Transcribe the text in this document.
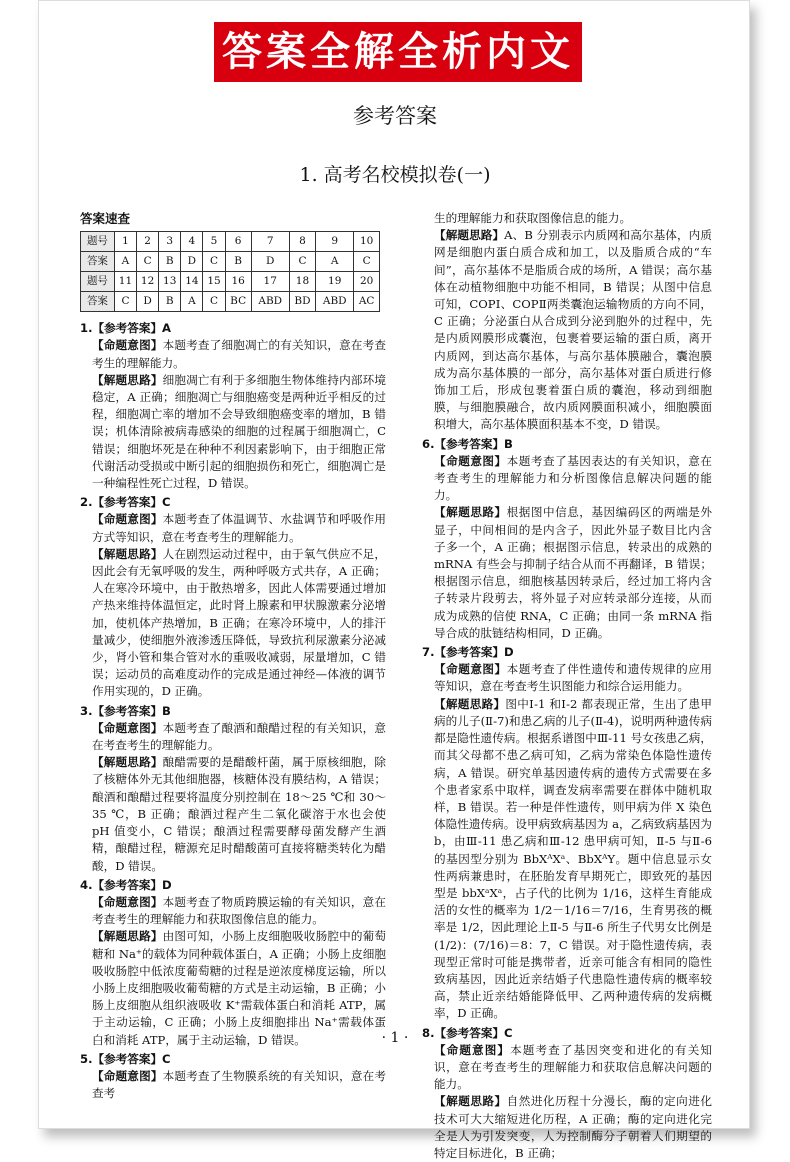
答案全解全析内文
参考答案
1. 高考名校模拟卷(一)
答案速查
题号	1	2	3	4	5	6	7	8	9	10
答案	A	C	B	D	C	B	D	C	A	C
题号	11	12	13	14	15	16	17	18	19	20
答案	C	D	B	A	C	BC	ABD	BD	ABD	AC
1.【参考答案】A

【命题意图】本题考查了细胞凋亡的有关知识，意在考查考生的理解能力。

【解题思路】细胞凋亡有利于多细胞生物体维持内部环境稳定，A 正确；细胞凋亡与细胞癌变是两种近乎相反的过程，细胞凋亡率的增加不会导致细胞癌变率的增加，B 错误；机体清除被病毒感染的细胞的过程属于细胞凋亡，C 错误；细胞坏死是在种种不利因素影响下，由于细胞正常代谢活动受损或中断引起的细胞损伤和死亡，细胞凋亡是一种编程性死亡过程，D 错误。

2.【参考答案】C

【命题意图】本题考查了体温调节、水盐调节和呼吸作用方式等知识，意在考查考生的理解能力。

【解题思路】人在剧烈运动过程中，由于氧气供应不足，因此会有无氧呼吸的发生，两种呼吸方式共存，A 正确；人在寒冷环境中，由于散热增多，因此人体需要通过增加产热来维持体温恒定，此时肾上腺素和甲状腺激素分泌增加，使机体产热增加，B 正确；在寒冷环境中，人的排汗量减少，使细胞外液渗透压降低，导致抗利尿激素分泌减少，肾小管和集合管对水的重吸收减弱，尿量增加，C 错误；运动员的高难度动作的完成是通过神经—体液的调节作用实现的，D 正确。

3.【参考答案】B

【命题意图】本题考查了酿酒和酿醋过程的有关知识，意在考查考生的理解能力。

【解题思路】酿醋需要的是醋酸杆菌，属于原核细胞，除了核糖体外无其他细胞器，核糖体没有膜结构，A 错误；酿酒和酿醋过程要将温度分别控制在 18～25 ℃和 30～35 ℃，B 正确；酿酒过程产生二氧化碳溶于水也会使 pH 值变小，C 错误；酿酒过程需要酵母菌发酵产生酒精，酿醋过程，糖源充足时醋酸菌可直接将糖类转化为醋酸，D 错误。

4.【参考答案】D

【命题意图】本题考查了物质跨膜运输的有关知识，意在考查考生的理解能力和获取图像信息的能力。

【解题思路】由图可知，小肠上皮细胞吸收肠腔中的葡萄糖和 Na⁺的载体为同种载体蛋白，A 正确；小肠上皮细胞吸收肠腔中低浓度葡萄糖的过程是逆浓度梯度运输，所以小肠上皮细胞吸收葡萄糖的方式是主动运输，B 正确；小肠上皮细胞从组织液吸收 K⁺需载体蛋白和消耗 ATP，属于主动运输，C 正确；小肠上皮细胞排出 Na⁺需载体蛋白和消耗 ATP，属于主动运输，D 错误。

5.【参考答案】C

【命题意图】本题考查了生物膜系统的有关知识，意在考查考

生的理解能力和获取图像信息的能力。

【解题思路】A、B 分别表示内质网和高尔基体，内质网是细胞内蛋白质合成和加工，以及脂质合成的“车间”，高尔基体不是脂质合成的场所，A 错误；高尔基体在动植物细胞中功能不相同，B 错误；从图中信息可知，COPⅠ、COPⅡ两类囊泡运输物质的方向不同，C 正确；分泌蛋白从合成到分泌到胞外的过程中，先是内质网膜形成囊泡，包裹着要运输的蛋白质，离开内质网，到达高尔基体，与高尔基体膜融合，囊泡膜成为高尔基体膜的一部分，高尔基体对蛋白质进行修饰加工后，形成包裹着蛋白质的囊泡，移动到细胞膜，与细胞膜融合，故内质网膜面积减小，细胞膜面积增大，高尔基体膜面积基本不变，D 错误。

6.【参考答案】B

【命题意图】本题考查了基因表达的有关知识，意在考查考生的理解能力和分析图像信息解决问题的能力。

【解题思路】根据图中信息，基因编码区的两端是外显子，中间相间的是内含子，因此外显子数目比内含子多一个，A 正确；根据图示信息，转录出的成熟的 mRNA 有些会与抑制子结合从而不再翻译，B 错误；根据图示信息，细胞核基因转录后，经过加工将内含子转录片段剪去，将外显子对应转录部分连接，从而成为成熟的信使 RNA，C 正确；由同一条 mRNA 指导合成的肽链结构相同，D 正确。

7.【参考答案】D

【命题意图】本题考查了伴性遗传和遗传规律的应用等知识，意在考查考生识图能力和综合运用能力。

【解题思路】图中Ⅰ-1 和Ⅰ-2 都表现正常，生出了患甲病的儿子(Ⅱ-7)和患乙病的儿子(Ⅱ-4)，说明两种遗传病都是隐性遗传病。根据系谱图中Ⅲ-11 号女孩患乙病，而其父母都不患乙病可知，乙病为常染色体隐性遗传病，A 错误。研究单基因遗传病的遗传方式需要在多个患者家系中取样，调查发病率需要在群体中随机取样，B 错误。若一种是伴性遗传，则甲病为伴 X 染色体隐性遗传病。设甲病致病基因为 a，乙病致病基因为 b，由Ⅲ-11 患乙病和Ⅲ-12 患甲病可知，Ⅱ-5 与Ⅱ-6 的基因型分别为 BbXᴬXᵃ、BbXᴬY。题中信息显示女性两病兼患时，在胚胎发育早期死亡，即致死的基因型是 bbXᵃXᵃ，占子代的比例为 1/16，这样生育能成活的女性的概率为 1/2－1/16＝7/16，生育男孩的概率是 1/2，因此理论上Ⅱ-5 与Ⅱ-6 所生子代男女比例是(1/2)：(7/16)＝8：7，C 错误。对于隐性遗传病，表现型正常时可能是携带者，近亲可能含有相同的隐性致病基因，因此近亲结婚子代患隐性遗传病的概率较高，禁止近亲结婚能降低甲、乙两种遗传病的发病概率，D 正确。

8.【参考答案】C

【命题意图】本题考查了基因突变和进化的有关知识，意在考查考生的理解能力和获取信息解决问题的能力。

【解题思路】自然进化历程十分漫长，酶的定向进化技术可大大缩短进化历程，A 正确；酶的定向进化完全是人为引发突变，人为控制酶分子朝着人们期望的特定目标进化，B 正确；

· 1 ·
